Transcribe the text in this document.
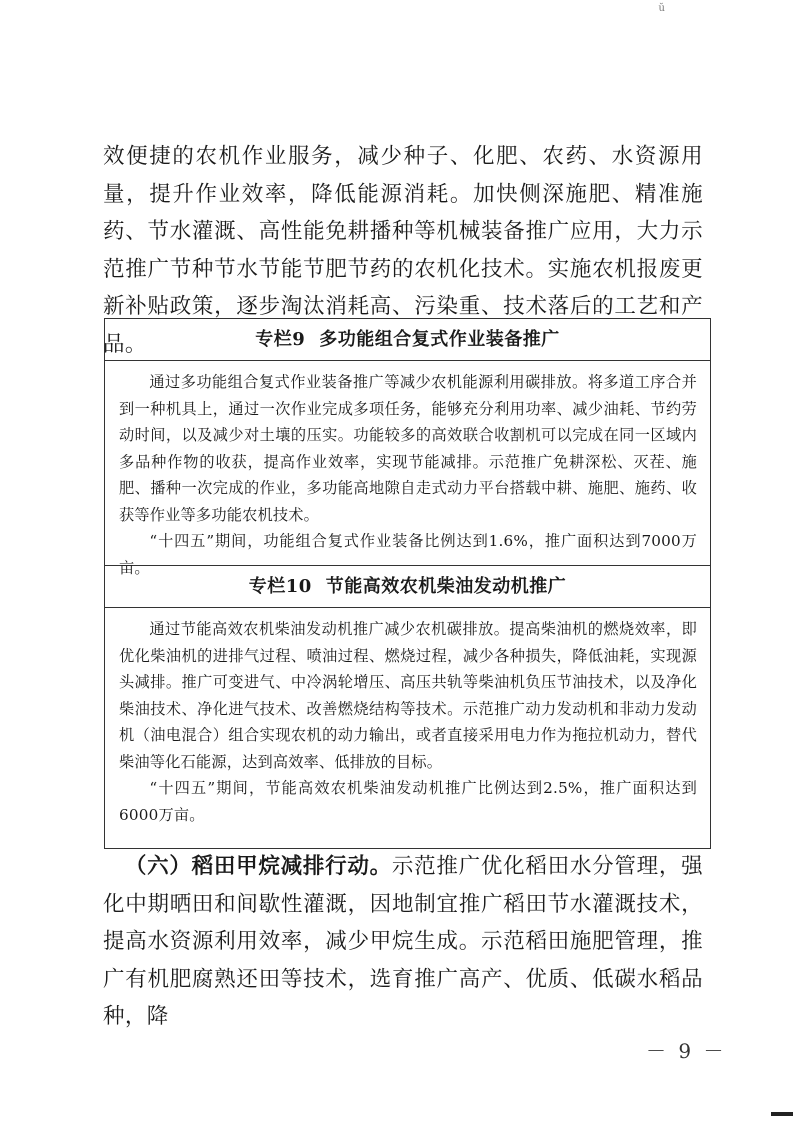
ŭ

效便捷的农机作业服务，减少种子、化肥、农药、水资源用量，提升作业效率，降低能源消耗。加快侧深施肥、精准施药、节水灌溉、高性能免耕播种等机械装备推广应用，大力示范推广节种节水节能节肥节药的农机化技术。实施农机报废更新补贴政策，逐步淘汰消耗高、污染重、技术落后的工艺和产品。	专栏9 多功能组合复式作业装备推广

通过多功能组合复式作业装备推广等减少农机能源利用碳排放。将多道工序合并到一种机具上，通过一次作业完成多项任务，能够充分利用功率、减少油耗、节约劳动时间，以及减少对土壤的压实。功能较多的高效联合收割机可以完成在同一区域内多品种作物的收获，提高作业效率，实现节能减排。示范推广免耕深松、灭茬、施肥、播种一次完成的作业，多功能高地隙自走式动力平台搭载中耕、施肥、施药、收获等作业等多功能农机技术。

“十四五”期间，功能组合复式作业装备比例达到1.6%，推广面积达到7000万亩。

专栏10 节能高效农机柴油发动机推广

通过节能高效农机柴油发动机推广减少农机碳排放。提高柴油机的燃烧效率，即优化柴油机的进排气过程、喷油过程、燃烧过程，减少各种损失，降低油耗，实现源头减排。推广可变进气、中冷涡轮增压、高压共轨等柴油机负压节油技术，以及净化柴油技术、净化进气技术、改善燃烧结构等技术。示范推广动力发动机和非动力发动机（油电混合）组合实现农机的动力输出，或者直接采用电力作为拖拉机动力，替代柴油等化石能源，达到高效率、低排放的目标。

“十四五”期间，节能高效农机柴油发动机推广比例达到2.5%，推广面积达到6000万亩。

（六）稻田甲烷减排行动。示范推广优化稻田水分管理，强化中期晒田和间歇性灌溉，因地制宜推广稻田节水灌溉技术，提高水资源利用效率，减少甲烷生成。示范稻田施肥管理，推广有机肥腐熟还田等技术，选育推广高产、优质、低碳水稻品种，降

－ 9 －
